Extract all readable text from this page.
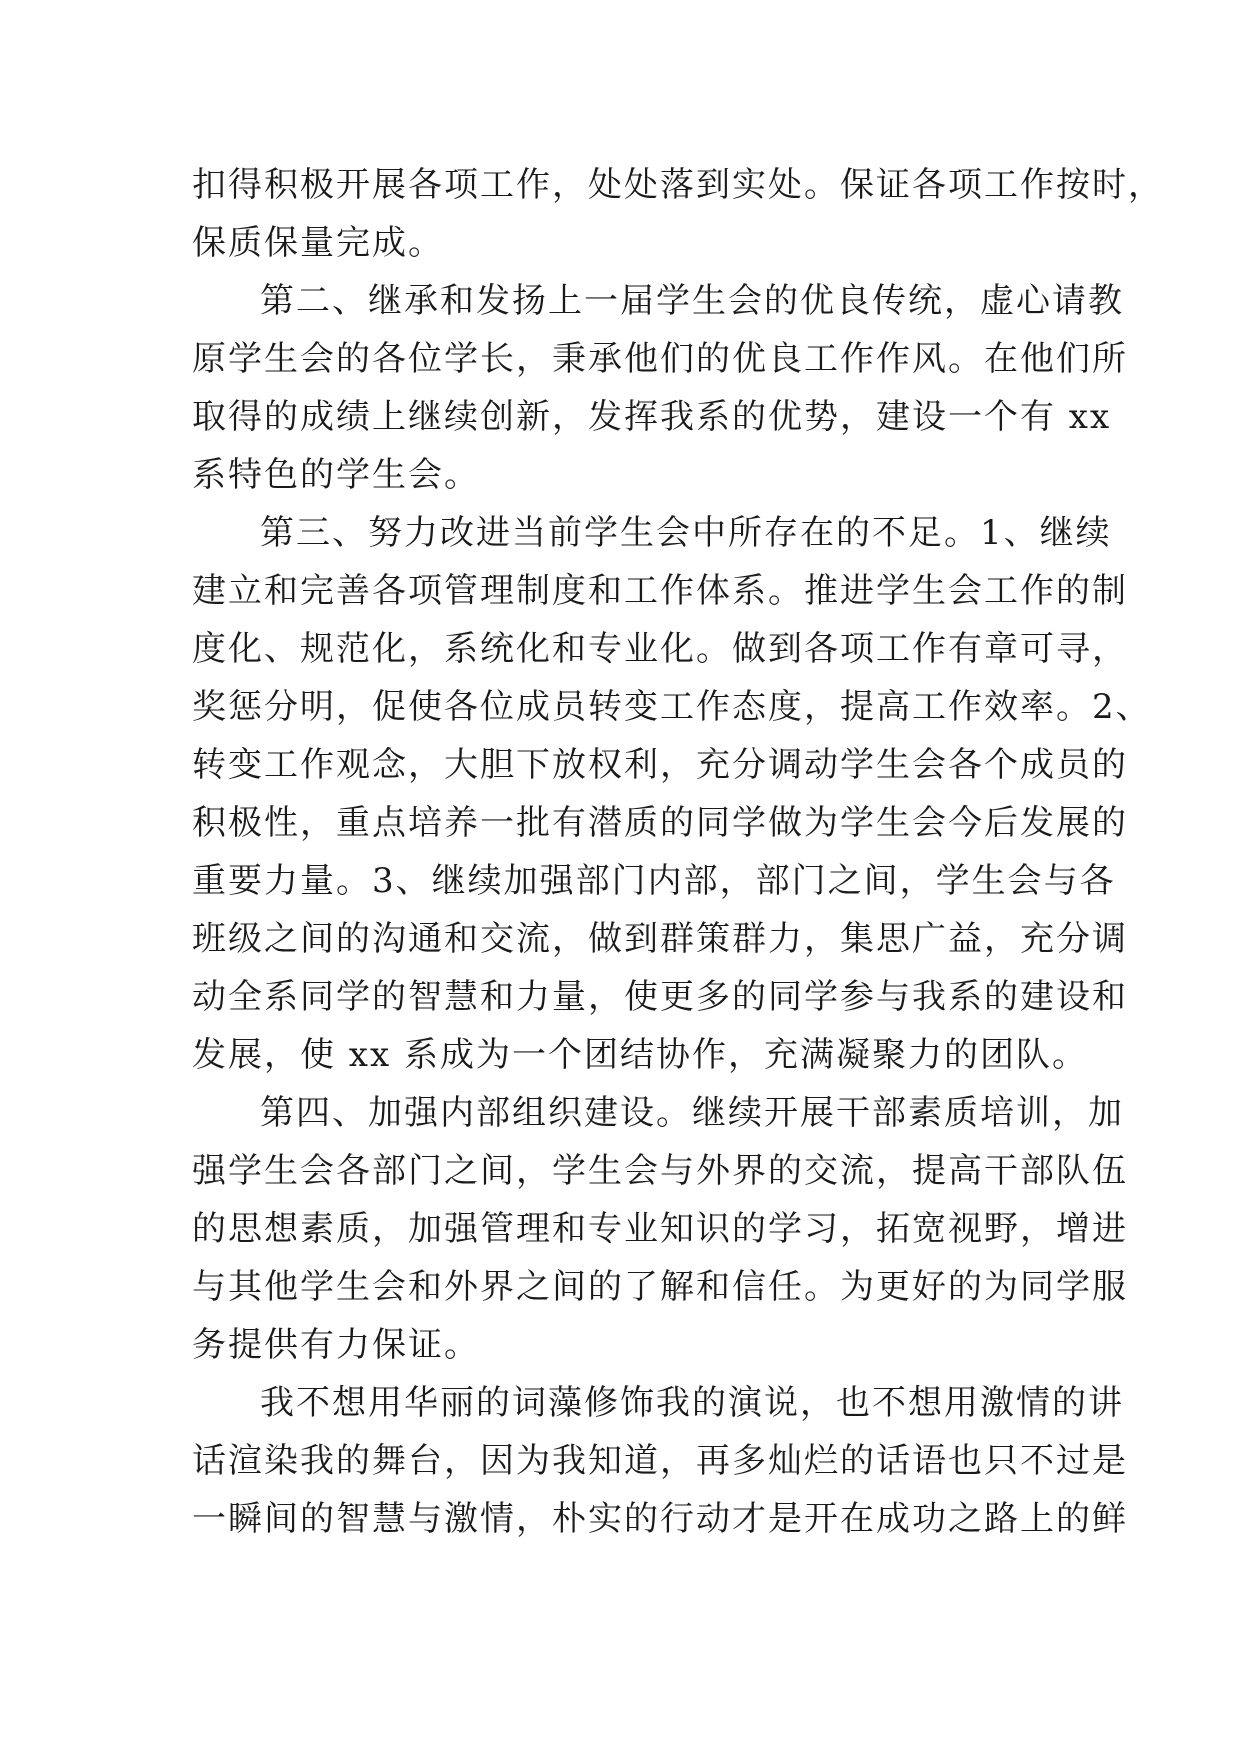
扣得积极开展各项工作，处处落到实处。保证各项工作按时，
保质保量完成。
第二、继承和发扬上一届学生会的优良传统，虚心请教
原学生会的各位学长，秉承他们的优良工作作风。在他们所
取得的成绩上继续创新，发挥我系的优势，建设一个有 xx
系特色的学生会。
第三、努力改进当前学生会中所存在的不足。1、继续
建立和完善各项管理制度和工作体系。推进学生会工作的制
度化、规范化，系统化和专业化。做到各项工作有章可寻，
奖惩分明，促使各位成员转变工作态度，提高工作效率。2、
转变工作观念，大胆下放权利，充分调动学生会各个成员的
积极性，重点培养一批有潜质的同学做为学生会今后发展的
重要力量。3、继续加强部门内部，部门之间，学生会与各
班级之间的沟通和交流，做到群策群力，集思广益，充分调
动全系同学的智慧和力量，使更多的同学参与我系的建设和
发展，使 xx 系成为一个团结协作，充满凝聚力的团队。
第四、加强内部组织建设。继续开展干部素质培训，加
强学生会各部门之间，学生会与外界的交流，提高干部队伍
的思想素质，加强管理和专业知识的学习，拓宽视野，增进
与其他学生会和外界之间的了解和信任。为更好的为同学服
务提供有力保证。
我不想用华丽的词藻修饰我的演说，也不想用激情的讲
话渲染我的舞台，因为我知道，再多灿烂的话语也只不过是
一瞬间的智慧与激情，朴实的行动才是开在成功之路上的鲜
